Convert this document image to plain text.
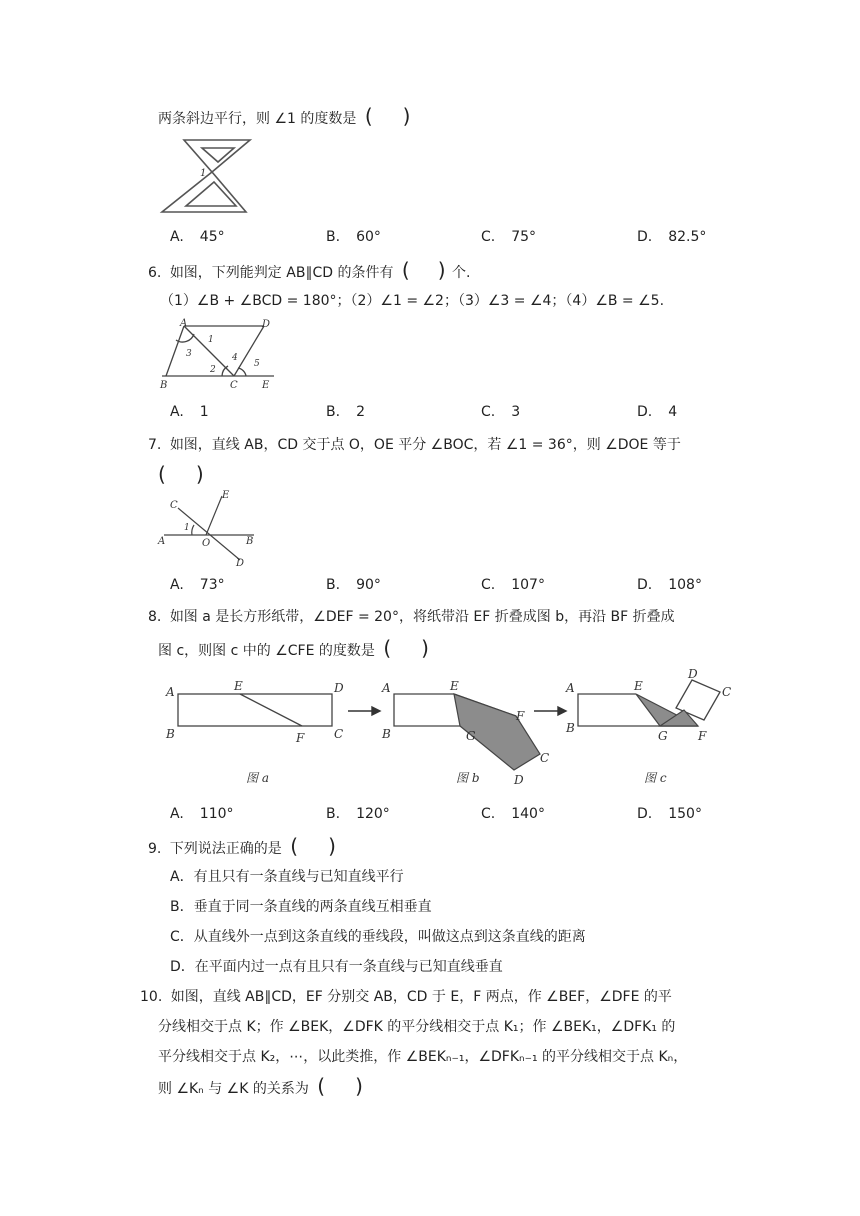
两条斜边平行，则 ∠1 的度数是 ( )
1
A. 45°	B. 60°	C. 75°	D. 82.5°
6. 如图，下列能判定 AB∥CD 的条件有 ( ) 个.
（1）∠B + ∠BCD = 180°；（2）∠1 = ∠2；（3）∠3 = ∠4；（4）∠B = ∠5.
A	D
B	C E
1
2
3	4
5
A. 1	B. 2	C. 3	D. 4
7. 如图，直线 AB，CD 交于点 O，OE 平分 ∠BOC，若 ∠1 = 36°，则 ∠DOE 等于
( )
C
E
1
A	O	B
D
A. 73°	B. 90°	C. 107°	D. 108°
8. 如图 a 是长方形纸带，∠DEF = 20°，将纸带沿 EF 折叠成图 b，再沿 BF 折叠成
图 c，则图 c 中的 ∠CFE 的度数是 ( )
A	E	D
B	F C
图 a
A	E
F
B	G
C
D
图 b
A	E
D
C
B
G	F
图 c
A. 110°	B. 120°	C. 140°	D. 150°
9. 下列说法正确的是 ( )
A．有且只有一条直线与已知直线平行
B．垂直于同一条直线的两条直线互相垂直
C．从直线外一点到这条直线的垂线段，叫做这点到这条直线的距离
D．在平面内过一点有且只有一条直线与已知直线垂直
10. 如图，直线 AB∥CD，EF 分别交 AB，CD 于 E，F 两点，作 ∠BEF，∠DFE 的平
分线相交于点 K；作 ∠BEK，∠DFK 的平分线相交于点 K₁；作 ∠BEK₁，∠DFK₁ 的
平分线相交于点 K₂，⋯，以此类推，作 ∠BEKₙ₋₁，∠DFKₙ₋₁ 的平分线相交于点 Kₙ，
则 ∠Kₙ 与 ∠K 的关系为 ( )
